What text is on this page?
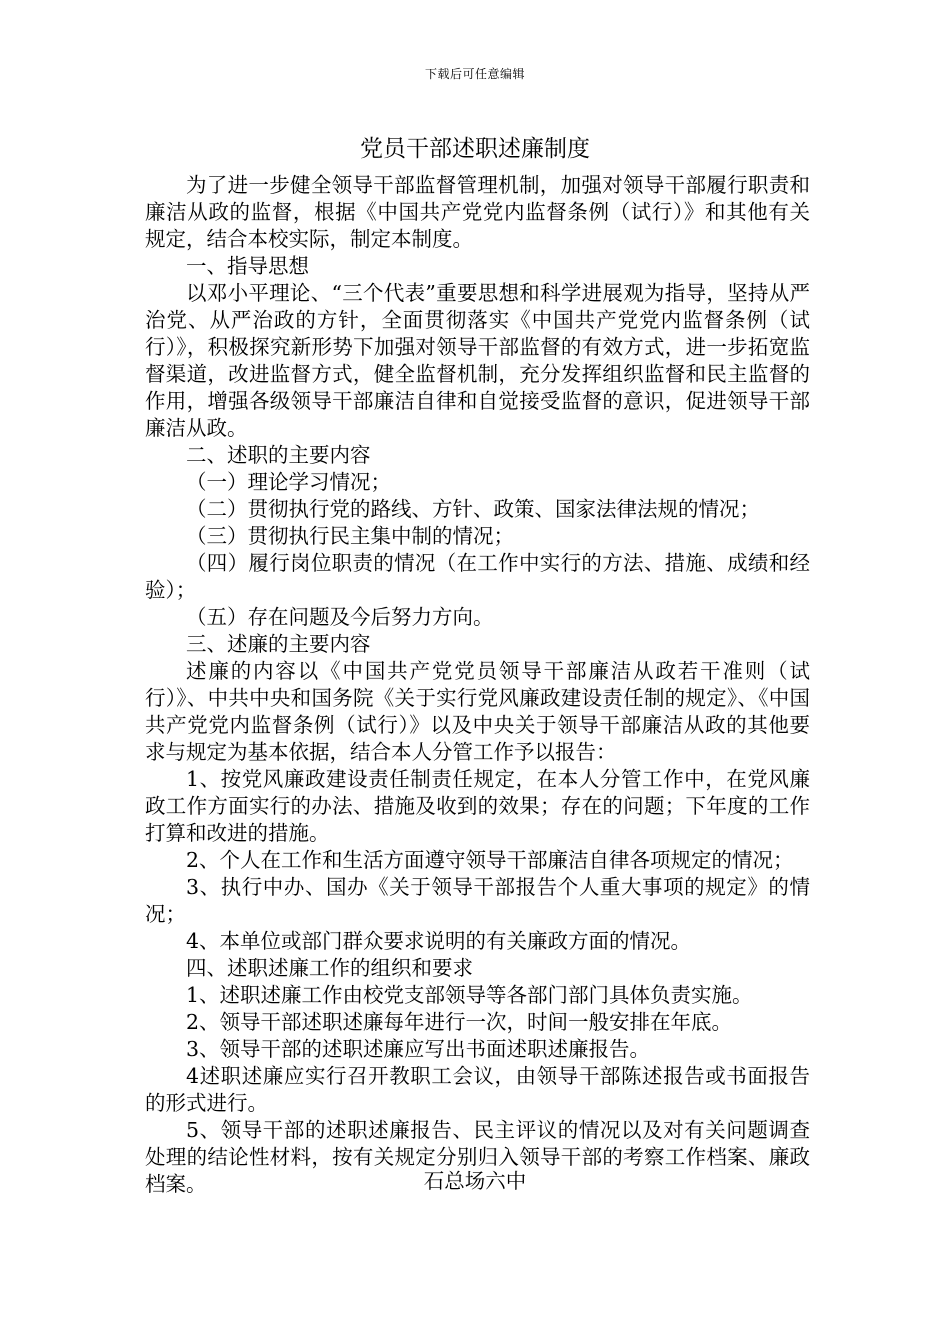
下载后可任意编辑
党员干部述职述廉制度

为了进一步健全领导干部监督管理机制，加强对领导干部履行职责和廉洁从政的监督，根据《中国共产党党内监督条例（试行）》和其他有关规定，结合本校实际，制定本制度。

一、指导思想

以邓小平理论、“三个代表”重要思想和科学进展观为指导，坚持从严治党、从严治政的方针，全面贯彻落实《中国共产党党内监督条例（试行）》，积极探究新形势下加强对领导干部监督的有效方式，进一步拓宽监督渠道，改进监督方式，健全监督机制，充分发挥组织监督和民主监督的作用，增强各级领导干部廉洁自律和自觉接受监督的意识，促进领导干部廉洁从政。

二、述职的主要内容

（一）理论学习情况；

（二）贯彻执行党的路线、方针、政策、国家法律法规的情况；

（三）贯彻执行民主集中制的情况；

（四）履行岗位职责的情况（在工作中实行的方法、措施、成绩和经验）；

（五）存在问题及今后努力方向。

三、述廉的主要内容

述廉的内容以《中国共产党党员领导干部廉洁从政若干准则（试行）》、中共中央和国务院《关于实行党风廉政建设责任制的规定》、《中国共产党党内监督条例（试行）》以及中央关于领导干部廉洁从政的其他要求与规定为基本依据，结合本人分管工作予以报告：

1、按党风廉政建设责任制责任规定，在本人分管工作中，在党风廉政工作方面实行的办法、措施及收到的效果；存在的问题；下年度的工作打算和改进的措施。

2、个人在工作和生活方面遵守领导干部廉洁自律各项规定的情况；

3、执行中办、国办《关于领导干部报告个人重大事项的规定》的情况；

4、本单位或部门群众要求说明的有关廉政方面的情况。

四、述职述廉工作的组织和要求

1、述职述廉工作由校党支部领导等各部门部门具体负责实施。

2、领导干部述职述廉每年进行一次，时间一般安排在年底。

3、领导干部的述职述廉应写出书面述职述廉报告。

4述职述廉应实行召开教职工会议，由领导干部陈述报告或书面报告的形式进行。

5、领导干部的述职述廉报告、民主评议的情况以及对有关问题调查处理的结论性材料，按有关规定分别归入领导干部的考察工作档案、廉政档案。	石总场六中
